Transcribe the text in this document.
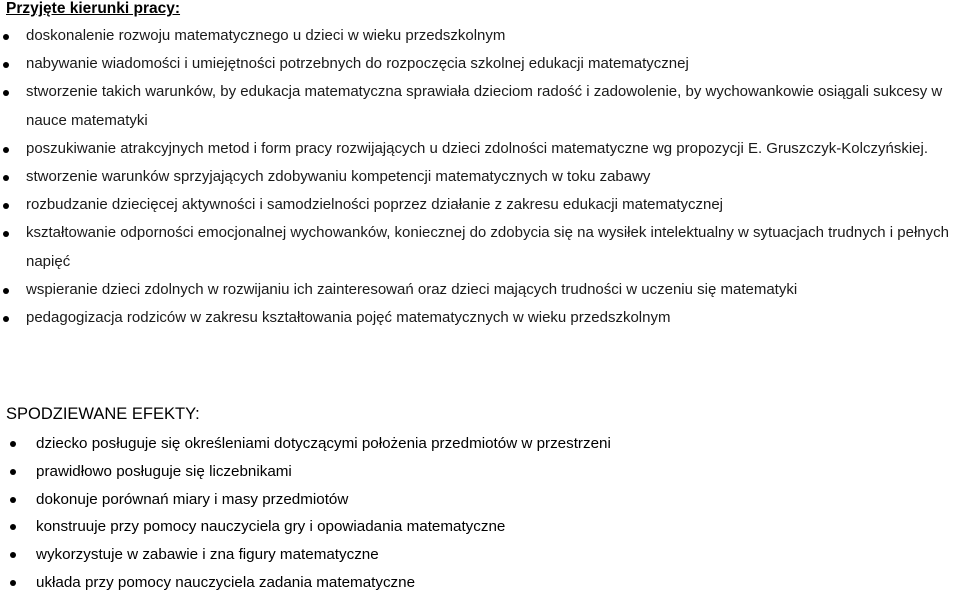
Przyjęte kierunki pracy:
doskonalenie rozwoju matematycznego u dzieci w wieku przedszkolnym
nabywanie wiadomości i umiejętności potrzebnych do rozpoczęcia szkolnej edukacji matematycznej
stworzenie takich warunków, by edukacja matematyczna sprawiała dzieciom radość i zadowolenie, by wychowankowie osiągali sukcesy w nauce matematyki
poszukiwanie atrakcyjnych metod i form pracy rozwijających u dzieci zdolności matematyczne wg propozycji E. Gruszczyk-Kolczyńskiej.
stworzenie warunków sprzyjających zdobywaniu kompetencji matematycznych w toku zabawy
rozbudzanie dziecięcej aktywności i samodzielności poprzez działanie z zakresu edukacji matematycznej
kształtowanie odporności emocjonalnej wychowanków, koniecznej do zdobycia się na wysiłek intelektualny w sytuacjach trudnych i pełnych napięć
wspieranie dzieci zdolnych w rozwijaniu ich zainteresowań oraz dzieci mających trudności w uczeniu się matematyki
pedagogizacja rodziców w zakresu kształtowania pojęć matematycznych w wieku przedszkolnym
SPODZIEWANE EFEKTY:
dziecko posługuje się określeniami dotyczącymi położenia przedmiotów w przestrzeni
prawidłowo posługuje się liczebnikami
dokonuje porównań miary i masy przedmiotów
konstruuje przy pomocy nauczyciela gry i opowiadania matematyczne
wykorzystuje w zabawie i zna figury matematyczne
układa przy pomocy nauczyciela zadania matematyczne
